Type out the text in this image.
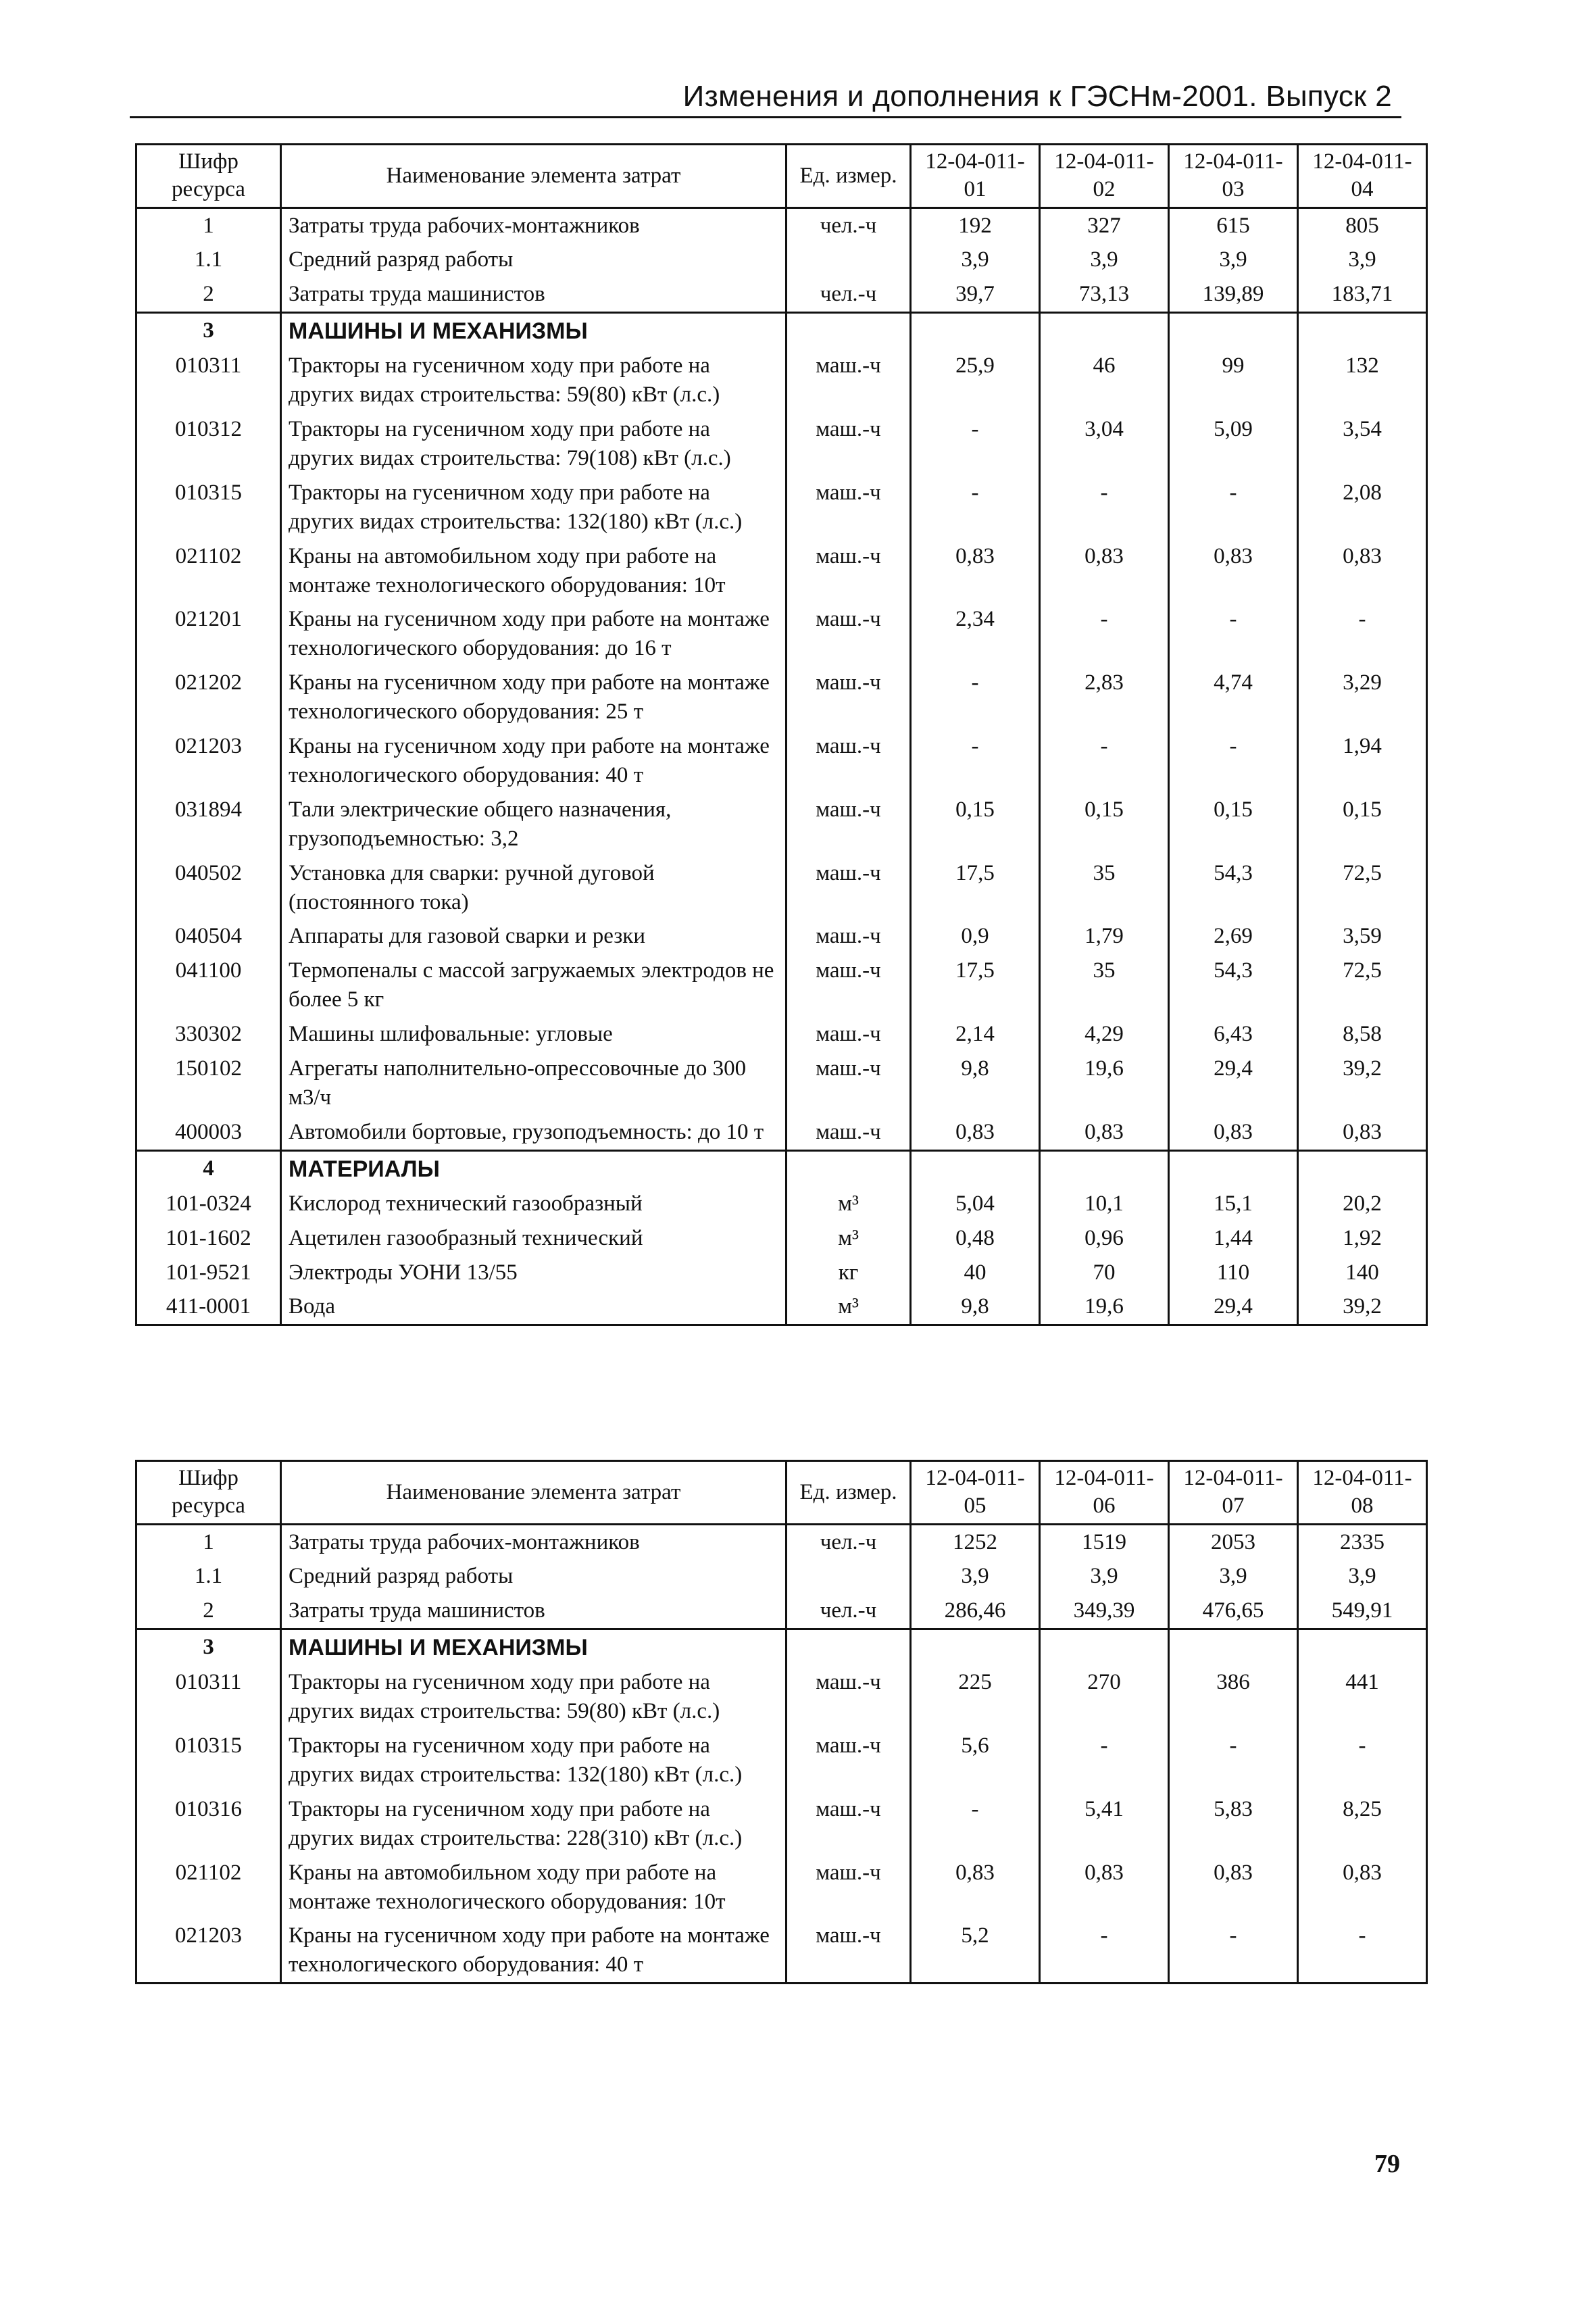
Изменения и дополнения к ГЭСНм-2001. Выпуск 2
Шифр ресурса	Наименование элемента затрат	Ед. измер.	12-04-011-01	12-04-011-02	12-04-011-03	12-04-011-04
1	Затраты труда рабочих-монтажников	чел.-ч	192	327	615	805
1.1	Средний разряд работы		3,9	3,9	3,9	3,9
2	Затраты труда машинистов	чел.-ч	39,7	73,13	139,89	183,71
3	МАШИНЫ И МЕХАНИЗМЫ					
010311	Тракторы на гусеничном ходу при работе на других видах строительства: 59(80) кВт (л.с.)	маш.-ч	25,9	46	99	132
010312	Тракторы на гусеничном ходу при работе на других видах строительства: 79(108) кВт (л.с.)	маш.-ч	-	3,04	5,09	3,54
010315	Тракторы на гусеничном ходу при работе на других видах строительства: 132(180) кВт (л.с.)	маш.-ч	-	-	-	2,08
021102	Краны на автомобильном ходу при работе на монтаже технологического оборудования: 10т	маш.-ч	0,83	0,83	0,83	0,83
021201	Краны на гусеничном ходу при работе на монтаже технологического оборудования: до 16 т	маш.-ч	2,34	-	-	-
021202	Краны на гусеничном ходу при работе на монтаже технологического оборудования: 25 т	маш.-ч	-	2,83	4,74	3,29
021203	Краны на гусеничном ходу при работе на монтаже технологического оборудования: 40 т	маш.-ч	-	-	-	1,94
031894	Тали электрические общего назначения, грузоподъемностью: 3,2	маш.-ч	0,15	0,15	0,15	0,15
040502	Установка для сварки: ручной дуговой (постоянного тока)	маш.-ч	17,5	35	54,3	72,5
040504	Аппараты для газовой сварки и резки	маш.-ч	0,9	1,79	2,69	3,59
041100	Термопеналы с массой загружаемых электродов не более 5 кг	маш.-ч	17,5	35	54,3	72,5
330302	Машины шлифовальные: угловые	маш.-ч	2,14	4,29	6,43	8,58
150102	Агрегаты наполнительно-опрессовочные до 300 м3/ч	маш.-ч	9,8	19,6	29,4	39,2
400003	Автомобили бортовые, грузоподъемность: до 10 т	маш.-ч	0,83	0,83	0,83	0,83
4	МАТЕРИАЛЫ					
101-0324	Кислород технический газообразный	м³	5,04	10,1	15,1	20,2
101-1602	Ацетилен газообразный технический	м³	0,48	0,96	1,44	1,92
101-9521	Электроды УОНИ 13/55	кг	40	70	110	140
411-0001	Вода	м³	9,8	19,6	29,4	39,2
Шифр ресурса	Наименование элемента затрат	Ед. измер.	12-04-011-05	12-04-011-06	12-04-011-07	12-04-011-08
1	Затраты труда рабочих-монтажников	чел.-ч	1252	1519	2053	2335
1.1	Средний разряд работы		3,9	3,9	3,9	3,9
2	Затраты труда машинистов	чел.-ч	286,46	349,39	476,65	549,91
3	МАШИНЫ И МЕХАНИЗМЫ					
010311	Тракторы на гусеничном ходу при работе на других видах строительства: 59(80) кВт (л.с.)	маш.-ч	225	270	386	441
010315	Тракторы на гусеничном ходу при работе на других видах строительства: 132(180) кВт (л.с.)	маш.-ч	5,6	-	-	-
010316	Тракторы на гусеничном ходу при работе на других видах строительства: 228(310) кВт (л.с.)	маш.-ч	-	5,41	5,83	8,25
021102	Краны на автомобильном ходу при работе на монтаже технологического оборудования: 10т	маш.-ч	0,83	0,83	0,83	0,83
021203	Краны на гусеничном ходу при работе на монтаже технологического оборудования: 40 т	маш.-ч	5,2	-	-	-
79
